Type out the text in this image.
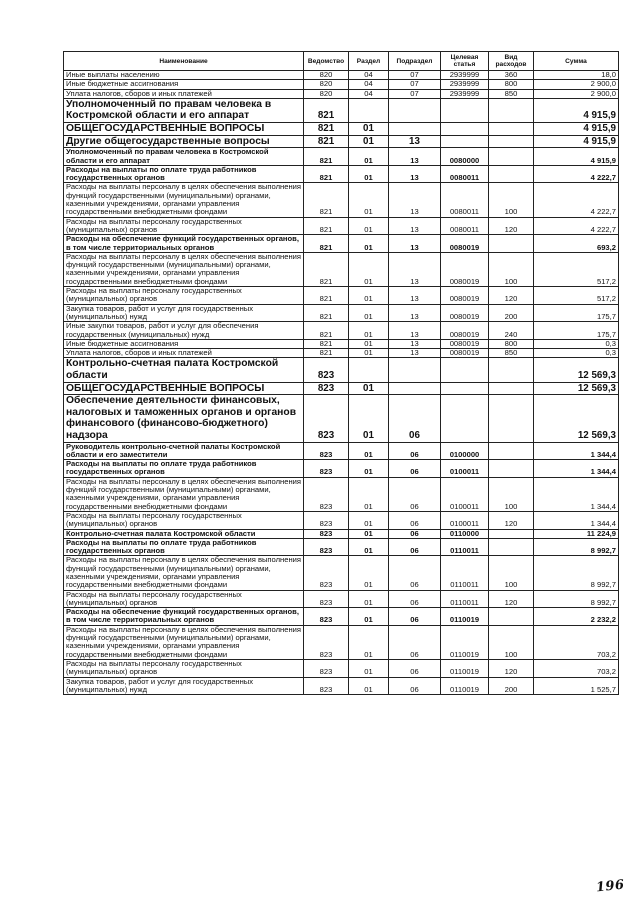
Наименование	Ведомство	Раздел	Подраздел	Целевая статья	Вид расходов	Сумма
Иные выплаты населению	820	04	07	2939999	360	18,0
Иные бюджетные ассигнования	820	04	07	2939999	800	2 900,0
Уплата налогов, сборов и иных платежей	820	04	07	2939999	850	2 900,0
Уполномоченный по правам человека в Костромской области и его аппарат	821					4 915,9
ОБЩЕГОСУДАРСТВЕННЫЕ ВОПРОСЫ	821	01				4 915,9
Другие общегосударственные вопросы	821	01	13			4 915,9
Уполномоченный по правам человека в Костромской области и его аппарат	821	01	13	0080000		4 915,9
Расходы на выплаты по оплате труда работников государственных органов	821	01	13	0080011		4 222,7
Расходы на выплаты персоналу в целях обеспечения выполнения функций государственными (муниципальными) органами, казенными учреждениями, органами управления государственными внебюджетными фондами	821	01	13	0080011	100	4 222,7
Расходы на выплаты персоналу государственных (муниципальных) органов	821	01	13	0080011	120	4 222,7
Расходы на обеспечение функций государственных органов, в том числе территориальных органов	821	01	13	0080019		693,2
Расходы на выплаты персоналу в целях обеспечения выполнения функций государственными (муниципальными) органами, казенными учреждениями, органами управления государственными внебюджетными фондами	821	01	13	0080019	100	517,2
Расходы на выплаты персоналу государственных (муниципальных) органов	821	01	13	0080019	120	517,2
Закупка товаров, работ и услуг для государственных (муниципальных) нужд	821	01	13	0080019	200	175,7
Иные закупки товаров, работ и услуг для обеспечения государственных (муниципальных) нужд	821	01	13	0080019	240	175,7
Иные бюджетные ассигнования	821	01	13	0080019	800	0,3
Уплата налогов, сборов и иных платежей	821	01	13	0080019	850	0,3
Контрольно-счетная палата Костромской области	823					12 569,3
ОБЩЕГОСУДАРСТВЕННЫЕ ВОПРОСЫ	823	01				12 569,3
Обеспечение деятельности финансовых, налоговых и таможенных органов и органов финансового (финансово-бюджетного) надзора	823	01	06			12 569,3
Руководитель контрольно-счетной палаты Костромской области и его заместители	823	01	06	0100000		1 344,4
Расходы на выплаты по оплате труда работников государственных органов	823	01	06	0100011		1 344,4
Расходы на выплаты персоналу в целях обеспечения выполнения функций государственными (муниципальными) органами, казенными учреждениями, органами управления государственными внебюджетными фондами	823	01	06	0100011	100	1 344,4
Расходы на выплаты персоналу государственных (муниципальных) органов	823	01	06	0100011	120	1 344,4
Контрольно-счетная палата Костромской области	823	01	06	0110000		11 224,9
Расходы на выплаты по оплате труда работников государственных органов	823	01	06	0110011		8 992,7
Расходы на выплаты персоналу в целях обеспечения выполнения функций государственными (муниципальными) органами, казенными учреждениями, органами управления государственными внебюджетными фондами	823	01	06	0110011	100	8 992,7
Расходы на выплаты персоналу государственных (муниципальных) органов	823	01	06	0110011	120	8 992,7
Расходы на обеспечение функций государственных органов, в том числе территориальных органов	823	01	06	0110019		2 232,2
Расходы на выплаты персоналу в целях обеспечения выполнения функций государственными (муниципальными) органами, казенными учреждениями, органами управления государственными внебюджетными фондами	823	01	06	0110019	100	703,2
Расходы на выплаты персоналу государственных (муниципальных) органов	823	01	06	0110019	120	703,2
Закупка товаров, работ и услуг для государственных (муниципальных) нужд	823	01	06	0110019	200	1 525,7
196
